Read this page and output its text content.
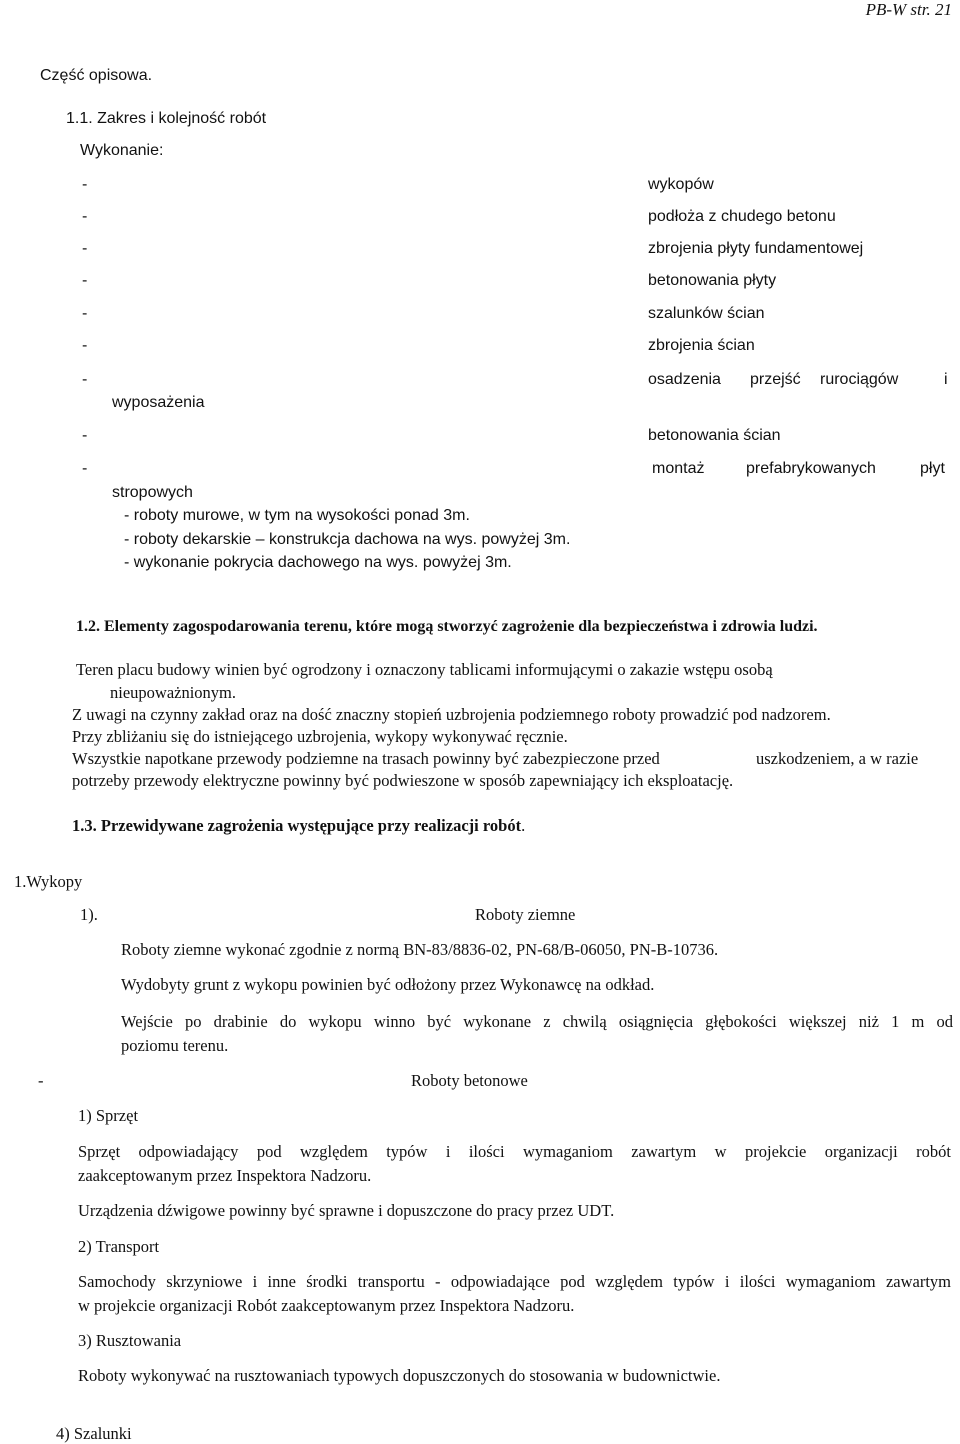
PB-W str. 21
Część opisowa.
1.1. Zakres i kolejność robót
Wykonanie:
-	wykopów
-	podłoża z chudego betonu
-	zbrojenia płyty fundamentowej
-	betonowania płyty
-	szalunków ścian
-	zbrojenia ścian
-	osadzenia przejść rurociągów	i
wyposażenia
-	betonowania ścian
-	montaż	prefabrykowanych	płyt
stropowych
- roboty murowe, w tym na wysokości ponad 3m.
- roboty dekarskie – konstrukcja dachowa na wys. powyżej 3m.
- wykonanie pokrycia dachowego na wys. powyżej 3m.
1.2. Elementy zagospodarowania terenu, które mogą stworzyć zagrożenie dla bezpieczeństwa i zdrowia ludzi.
Teren placu budowy winien być ogrodzony i oznaczony tablicami informującymi o zakazie wstępu osobą
nieupoważnionym.
Z uwagi na czynny zakład oraz na dość znaczny stopień uzbrojenia podziemnego roboty prowadzić pod nadzorem.
Przy zbliżaniu się do istniejącego uzbrojenia, wykopy wykonywać ręcznie.
Wszystkie napotkane przewody podziemne na trasach powinny być zabezpieczone przed	uszkodzeniem, a w razie
potrzeby przewody elektryczne powinny być podwieszone w sposób zapewniający ich eksploatację.
1.3. Przewidywane zagrożenia występujące przy realizacji robót.
1.Wykopy
1).	Roboty ziemne
Roboty ziemne wykonać zgodnie z normą BN-83/8836-02, PN-68/B-06050, PN-B-10736.
Wydobyty grunt z wykopu powinien być odłożony przez Wykonawcę na odkład.
Wejście po drabinie do wykopu winno być wykonane z chwilą osiągnięcia głębokości większej niż 1 m od
poziomu terenu.
-	Roboty betonowe
1) Sprzęt
Sprzęt odpowiadający pod względem typów i ilości wymaganiom zawartym w projekcie organizacji robót
zaakceptowanym przez Inspektora Nadzoru.
Urządzenia dźwigowe powinny być sprawne i dopuszczone do pracy przez UDT.
2) Transport
Samochody skrzyniowe i inne środki transportu - odpowiadające pod względem typów i ilości wymaganiom zawartym
w projekcie organizacji Robót zaakceptowanym przez Inspektora Nadzoru.
3) Rusztowania
Roboty wykonywać na rusztowaniach typowych dopuszczonych do stosowania w budownictwie.
4) Szalunki
